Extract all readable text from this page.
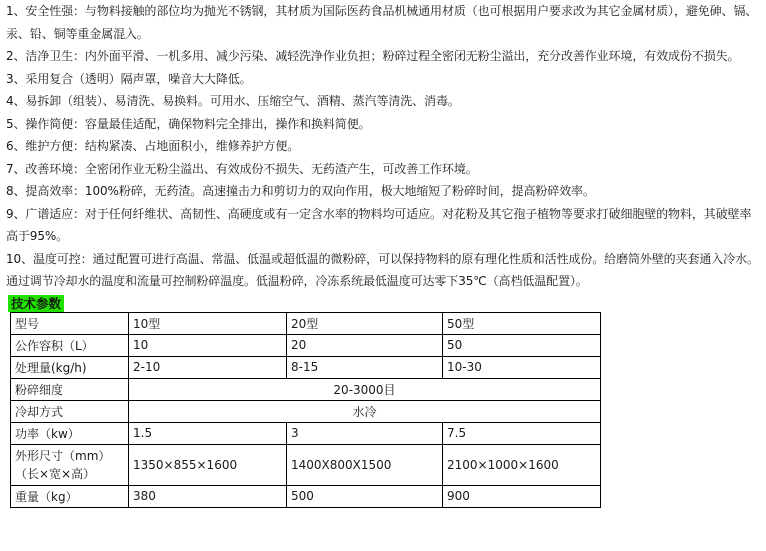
1、安全性强：与物料接触的部位均为抛光不锈钢，其材质为国际医药食品机械通用材质（也可根据用户要求改为其它金属材质），避免砷、镉、汞、铅、铜等重金属混入。
2、洁净卫生：内外面平滑、一机多用、减少污染、减轻洗净作业负担；粉碎过程全密闭无粉尘溢出，充分改善作业环境，有效成份不损失。
3、采用复合（透明）隔声罩，噪音大大降低。
4、易拆卸（组装）、易清洗、易换料。可用水、压缩空气、酒精、蒸汽等清洗、消毒。
5、操作简便：容量最佳适配，确保物料完全排出，操作和换料简便。
6、维护方便：结构紧凑、占地面积小，维修养护方便。
7、改善环境：全密闭作业无粉尘溢出、有效成份不损失、无药渣产生，可改善工作环境。
8、提高效率：100%粉碎，无药渣。高速撞击力和剪切力的双向作用，极大地缩短了粉碎时间，提高粉碎效率。
9、广谱适应：对于任何纤维状、高韧性、高硬度或有一定含水率的物料均可适应。对花粉及其它孢子植物等要求打破细胞壁的物料，其破壁率高于95%。
10、温度可控：通过配置可进行高温、常温、低温或超低温的微粉碎，可以保持物料的原有理化性质和活性成份。给磨筒外壁的夹套通入冷水。通过调节冷却水的温度和流量可控制粉碎温度。低温粉碎，冷冻系统最低温度可达零下35℃（高档低温配置）。
技术参数
型号	10型	20型	50型
公作容积（L）	10	20	50
处理量(kg/h)	2-10	8-15	10-30
粉碎细度	20-3000目		
冷却方式	水冷		
功率（kw）	1.5	3	7.5
外形尺寸（mm）
（长×宽×高）	1350×855×1600	1400X800X1500	2100×1000×1600
重量（kg）	380	500	900
